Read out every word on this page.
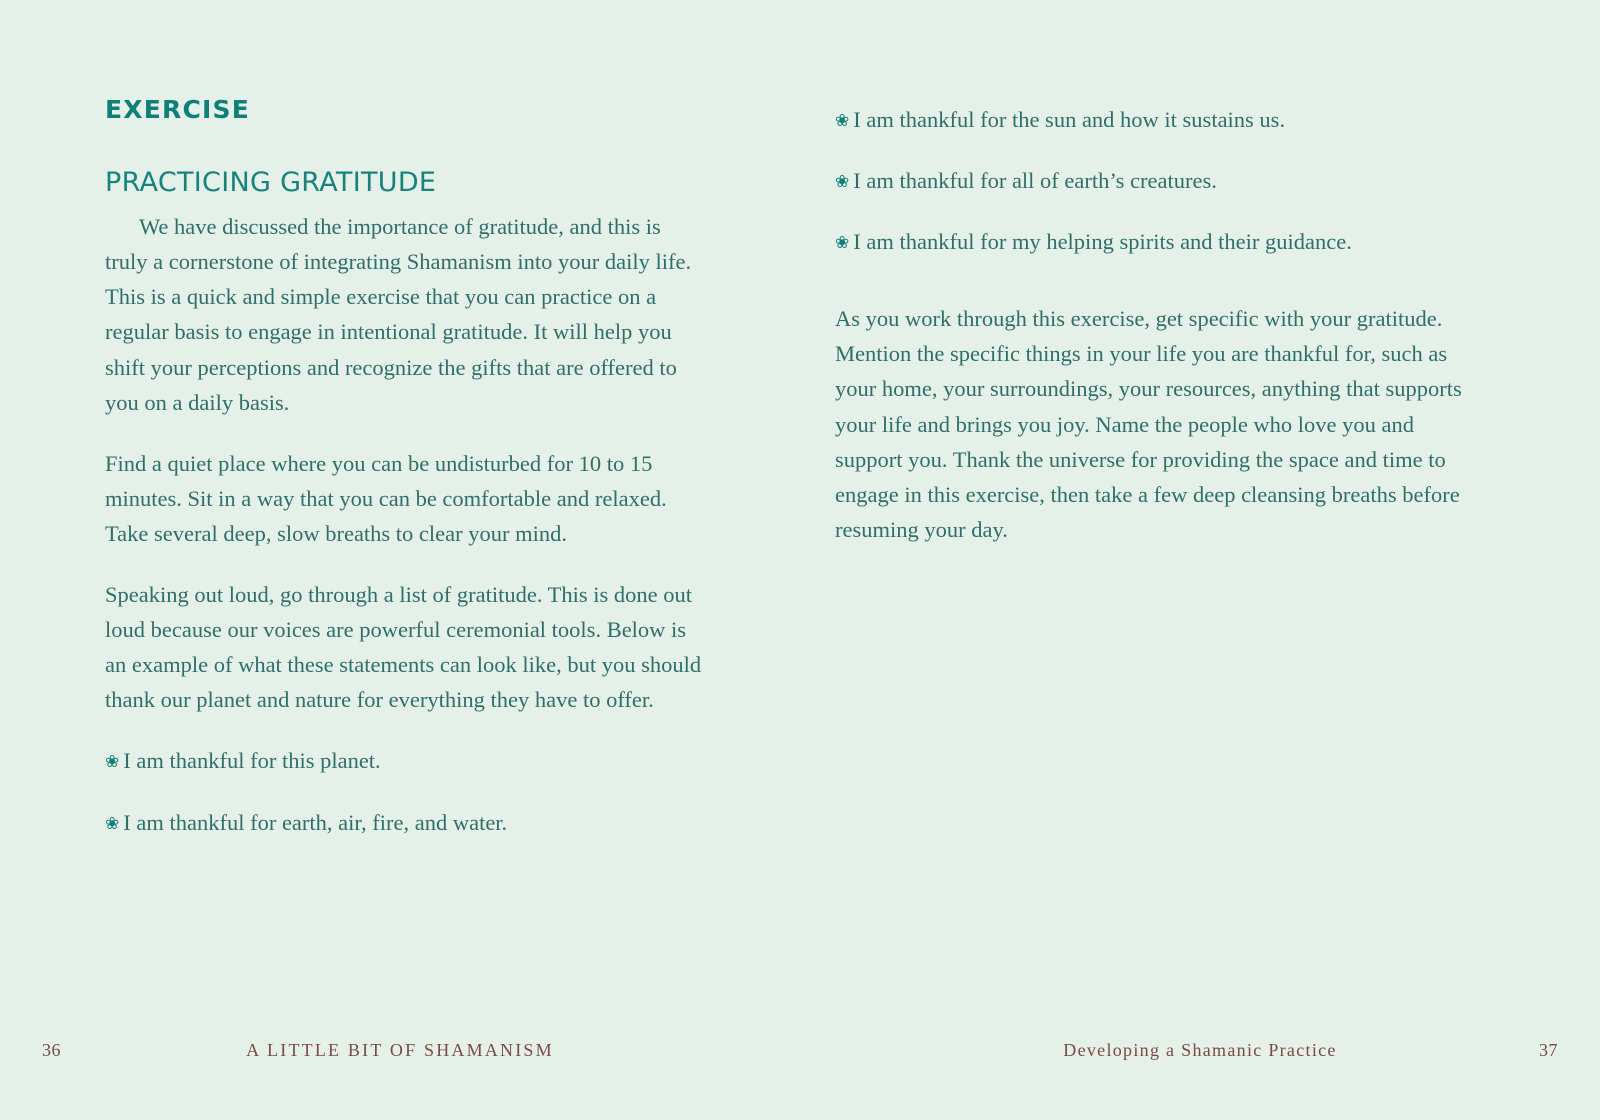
EXERCISE
PRACTICING GRATITUDE

We have discussed the importance of gratitude, and this is truly a cornerstone of integrating Shamanism into your daily life. This is a quick and simple exercise that you can practice on a regular basis to engage in intentional gratitude. It will help you shift your perceptions and recognize the gifts that are offered to you on a daily basis.

Find a quiet place where you can be undisturbed for 10 to 15 minutes. Sit in a way that you can be comfortable and relaxed. Take several deep, slow breaths to clear your mind.

Speaking out loud, go through a list of gratitude. This is done out loud because our voices are powerful ceremonial tools. Below is an example of what these statements can look like, but you should thank our planet and nature for everything they have to offer.

❀ I am thankful for this planet.
❀ I am thankful for earth, air, fire, and water.
❀ I am thankful for the sun and how it sustains us.
❀ I am thankful for all of earth’s creatures.
❀ I am thankful for my helping spirits and their guidance.

As you work through this exercise, get specific with your gratitude. Mention the specific things in your life you are thankful for, such as your home, your surroundings, your resources, anything that supports your life and brings you joy. Name the people who love you and support you. Thank the universe for providing the space and time to engage in this exercise, then take a few deep cleansing breaths before resuming your day.

36	A LITTLE BIT OF SHAMANISM	Developing a Shamanic Practice	37
